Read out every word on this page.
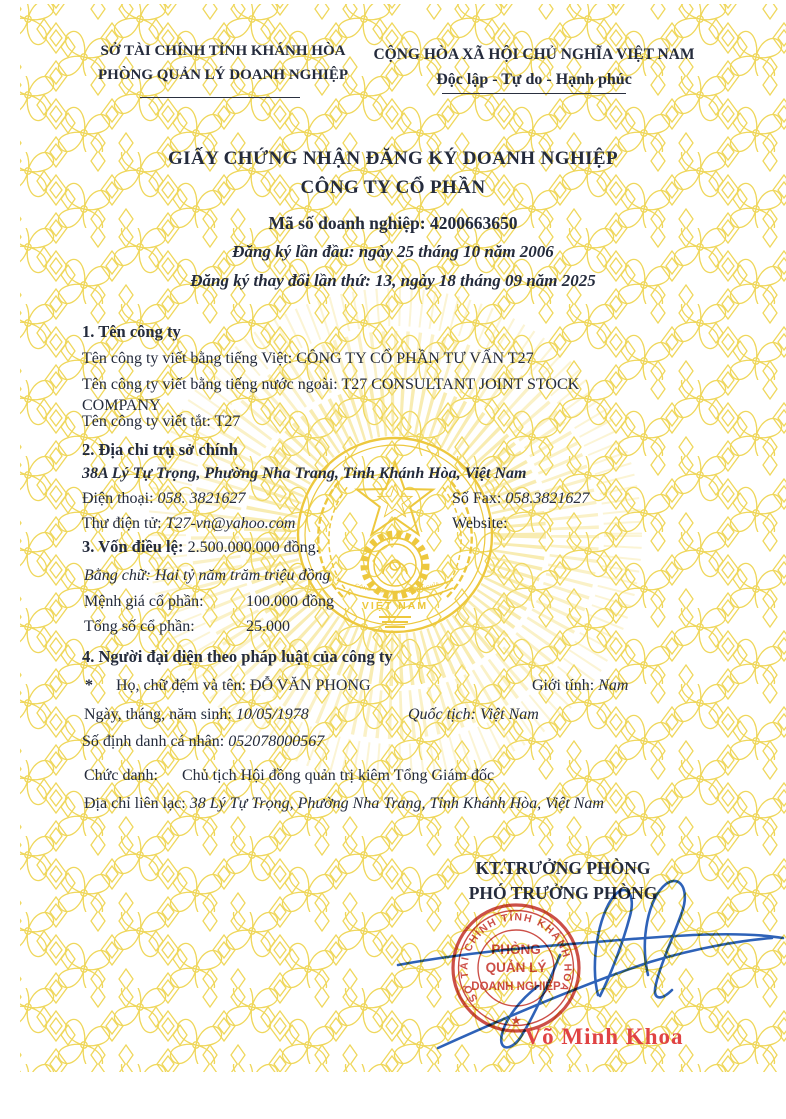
CỘNG HÒA XÃ HỘI CHỦ NGHĨA
VIỆT NAM
SỞ TÀI CHÍNH TỈNH KHÁNH HÒA
PHÒNG QUẢN LÝ DOANH NGHIỆP
CỘNG HÒA XÃ HỘI CHỦ NGHĨA VIỆT NAM
Độc lập - Tự do - Hạnh phúc
GIẤY CHỨNG NHẬN ĐĂNG KÝ DOANH NGHIỆP
CÔNG TY CỔ PHẦN
Mã số doanh nghiệp: 4200663650
Đăng ký lần đầu: ngày 25 tháng 10 năm 2006
Đăng ký thay đổi lần thứ: 13, ngày 18 tháng 09 năm 2025
1. Tên công ty
Tên công ty viết bằng tiếng Việt: CÔNG TY CỔ PHẦN TƯ VẤN T27
Tên công ty viết bằng tiếng nước ngoài: T27 CONSULTANT JOINT STOCK COMPANY
Tên công ty viết tắt: T27
2. Địa chỉ trụ sở chính
38A Lý Tự Trọng, Phường Nha Trang, Tỉnh Khánh Hòa, Việt Nam
Điện thoại: 058. 3821627	Số Fax: 058.3821627
Thư điện tử: T27-vn@yahoo.com	Website:
3. Vốn điều lệ: 2.500.000.000 đồng.
Bằng chữ: Hai tỷ năm trăm triệu đồng
Mệnh giá cổ phần:	100.000 đồng
Tổng số cổ phần:	25.000
4. Người đại diện theo pháp luật của công ty
* Họ, chữ đệm và tên: ĐỖ VĂN PHONG	Giới tính: Nam
Ngày, tháng, năm sinh: 10/05/1978	Quốc tịch: Việt Nam
Số định danh cá nhân: 052078000567
Chức danh: Chủ tịch Hội đồng quản trị kiêm Tổng Giám đốc
Địa chỉ liên lạc: 38 Lý Tự Trọng, Phường Nha Trang, Tỉnh Khánh Hòa, Việt Nam
KT.TRƯỞNG PHÒNG
PHÓ TRƯỞNG PHÒNG
SỞ TÀI CHÍNH TỈNH KHÁNH HÒA
★
PHÒNG
QUẢN LÝ
DOANH NGHIỆP
Võ Minh Khoa
